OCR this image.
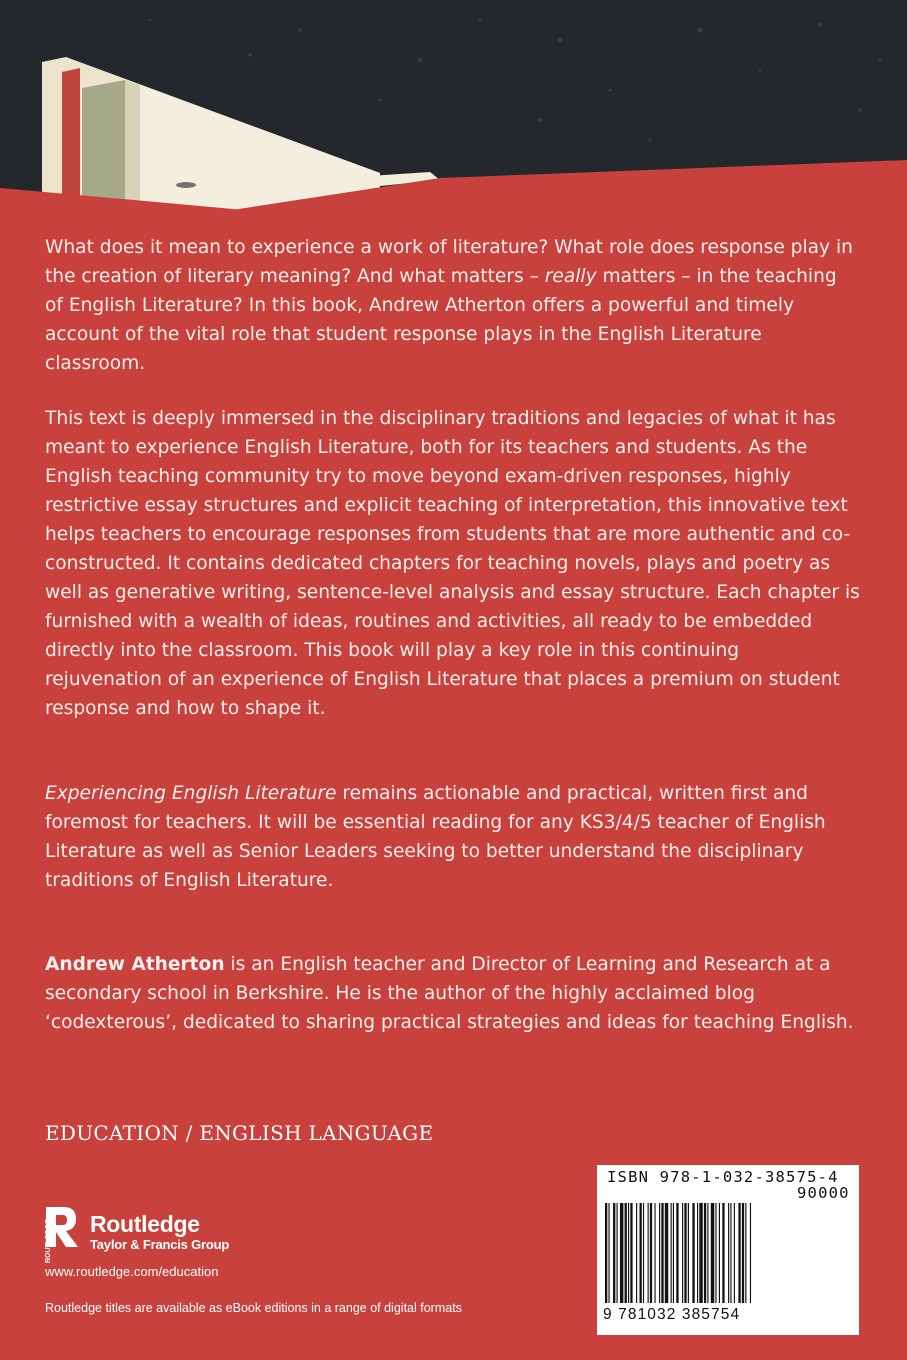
What does it mean to experience a work of literature? What role does response play in the creation of literary meaning? And what matters – really matters – in the teaching of English Literature? In this book, Andrew Atherton offers a powerful and timely account of the vital role that student response plays in the English Literature classroom.

This text is deeply immersed in the disciplinary traditions and legacies of what it has meant to experience English Literature, both for its teachers and students. As the English teaching community try to move beyond exam-driven responses, highly restrictive essay structures and explicit teaching of interpretation, this innovative text helps teachers to encourage responses from students that are more authentic and co-constructed. It contains dedicated chapters for teaching novels, plays and poetry as well as generative writing, sentence-level analysis and essay structure. Each chapter is furnished with a wealth of ideas, routines and activities, all ready to be embedded directly into the classroom. This book will play a key role in this continuing rejuvenation of an experience of English Literature that places a premium on student response and how to shape it.

Experiencing English Literature remains actionable and practical, written first and foremost for teachers. It will be essential reading for any KS3/4/5 teacher of English Literature as well as Senior Leaders seeking to better understand the disciplinary traditions of English Literature.

Andrew Atherton is an English teacher and Director of Learning and Research at a secondary school in Berkshire. He is the author of the highly acclaimed blog ‘codexterous’, dedicated to sharing practical strategies and ideas for teaching English.

EDUCATION / ENGLISH LANGUAGE
ROUTLEDGE Routledge
Taylor & Francis Group
www.routledge.com/education
Routledge titles are available as eBook editions in a range of digital formats
ISBN 978-1-032-38575-4
90000
9 781032 385754
